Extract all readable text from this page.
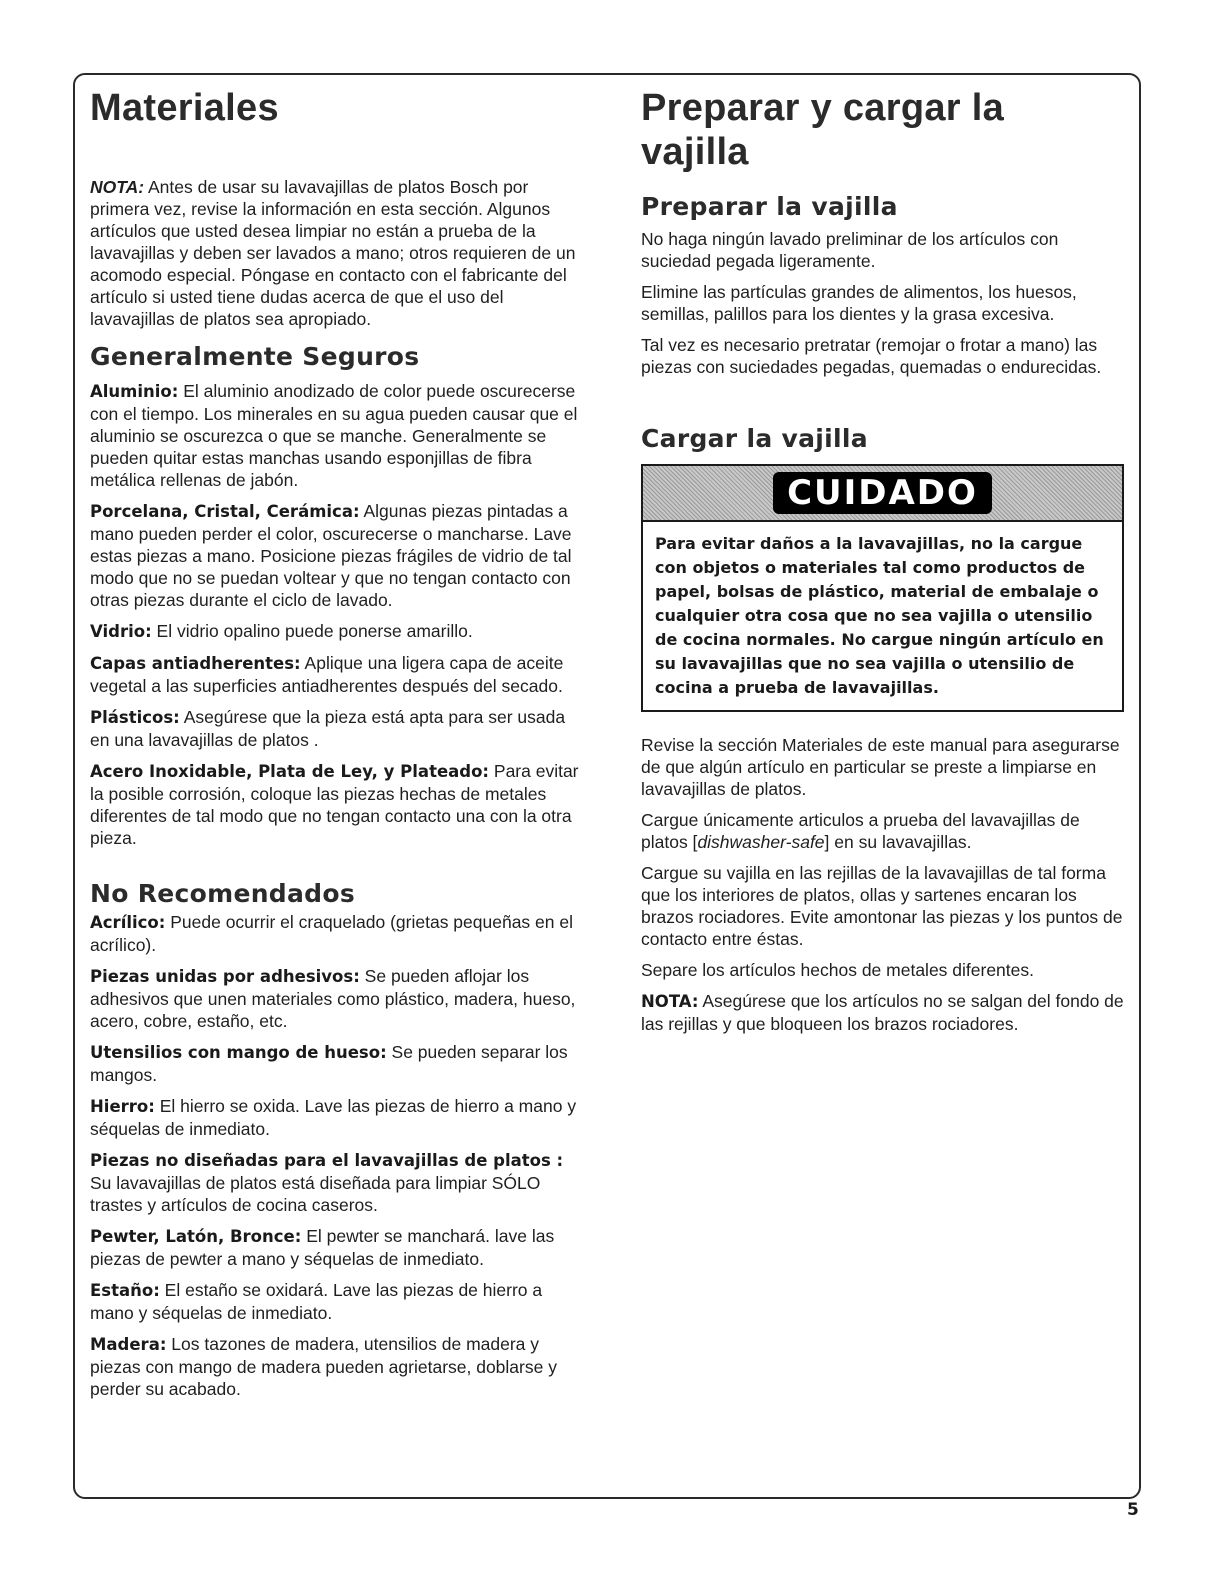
Materiales

NOTA: Antes de usar su lavavajillas de platos Bosch por primera vez, revise la información en esta sección. Algunos artículos que usted desea limpiar no están a prueba de la lavavajillas y deben ser lavados a mano; otros requieren de un acomodo especial. Póngase en contacto con el fabricante del artículo si usted tiene dudas acerca de que el uso del lavavajillas de platos sea apropiado.

Generalmente Seguros

Aluminio: El aluminio anodizado de color puede oscurecerse con el tiempo. Los minerales en su agua pueden causar que el aluminio se oscurezca o que se manche. Generalmente se pueden quitar estas manchas usando esponjillas de fibra metálica rellenas de jabón.

Porcelana, Cristal, Cerámica: Algunas piezas pintadas a mano pueden perder el color, oscurecerse o mancharse. Lave estas piezas a mano. Posicione piezas frágiles de vidrio de tal modo que no se puedan voltear y que no tengan contacto con otras piezas durante el ciclo de lavado.

Vidrio: El vidrio opalino puede ponerse amarillo.

Capas antiadherentes: Aplique una ligera capa de aceite vegetal a las superficies antiadherentes después del secado.

Plásticos: Asegúrese que la pieza está apta para ser usada en una lavavajillas de platos .

Acero Inoxidable, Plata de Ley, y Plateado: Para evitar la posible corrosión, coloque las piezas hechas de metales diferentes de tal modo que no tengan contacto una con la otra pieza.

No Recomendados

Acrílico: Puede ocurrir el craquelado (grietas pequeñas en el acrílico).

Piezas unidas por adhesivos: Se pueden aflojar los adhesivos que unen materiales como plástico, madera, hueso, acero, cobre, estaño, etc.

Utensilios con mango de hueso: Se pueden separar los mangos.

Hierro: El hierro se oxida. Lave las piezas de hierro a mano y séquelas de inmediato.

Piezas no diseñadas para el lavavajillas de platos : Su lavavajillas de platos está diseñada para limpiar SÓLO trastes y artículos de cocina caseros.

Pewter, Latón, Bronce: El pewter se manchará. lave las piezas de pewter a mano y séquelas de inmediato.

Estaño: El estaño se oxidará. Lave las piezas de hierro a mano y séquelas de inmediato.

Madera: Los tazones de madera, utensilios de madera y piezas con mango de madera pueden agrietarse, doblarse y perder su acabado.

Preparar y cargar la
vajilla
Preparar la vajilla

No haga ningún lavado preliminar de los artículos con suciedad pegada ligeramente.

Elimine las partículas grandes de alimentos, los huesos, semillas, palillos para los dientes y la grasa excesiva.

Tal vez es necesario pretratar (remojar o frotar a mano) las piezas con suciedades pegadas, quemadas o endurecidas.

Cargar la vajilla
CUIDADO
Para evitar daños a la lavavajillas, no la cargue con objetos o materiales tal como productos de papel, bolsas de plástico, material de embalaje o cualquier otra cosa que no sea vajilla o utensilio de cocina normales. No cargue ningún artículo en su lavavajillas que no sea vajilla o utensilio de cocina a prueba de lavavajillas.

Revise la sección Materiales de este manual para asegurarse de que algún artículo en particular se preste a limpiarse en lavavajillas de platos.

Cargue únicamente articulos a prueba del lavavajillas de platos [dishwasher-safe] en su lavavajillas.

Cargue su vajilla en las rejillas de la lavavajillas de tal forma que los interiores de platos, ollas y sartenes encaran los brazos rociadores. Evite amontonar las piezas y los puntos de contacto entre éstas.

Separe los artículos hechos de metales diferentes.

NOTA: Asegúrese que los artículos no se salgan del fondo de las rejillas y que bloqueen los brazos rociadores.

5
